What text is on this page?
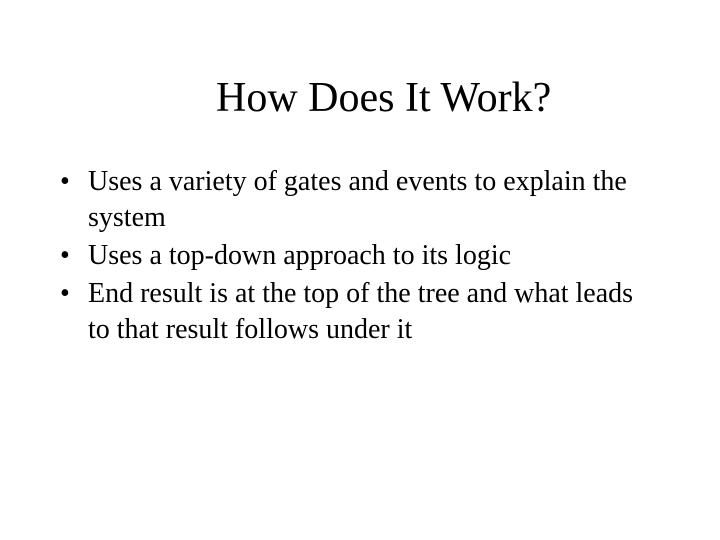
How Does It Work?
• Uses a variety of gates and events to explain the system
• Uses a top-down approach to its logic
• End result is at the top of the tree and what leads to that result follows under it
